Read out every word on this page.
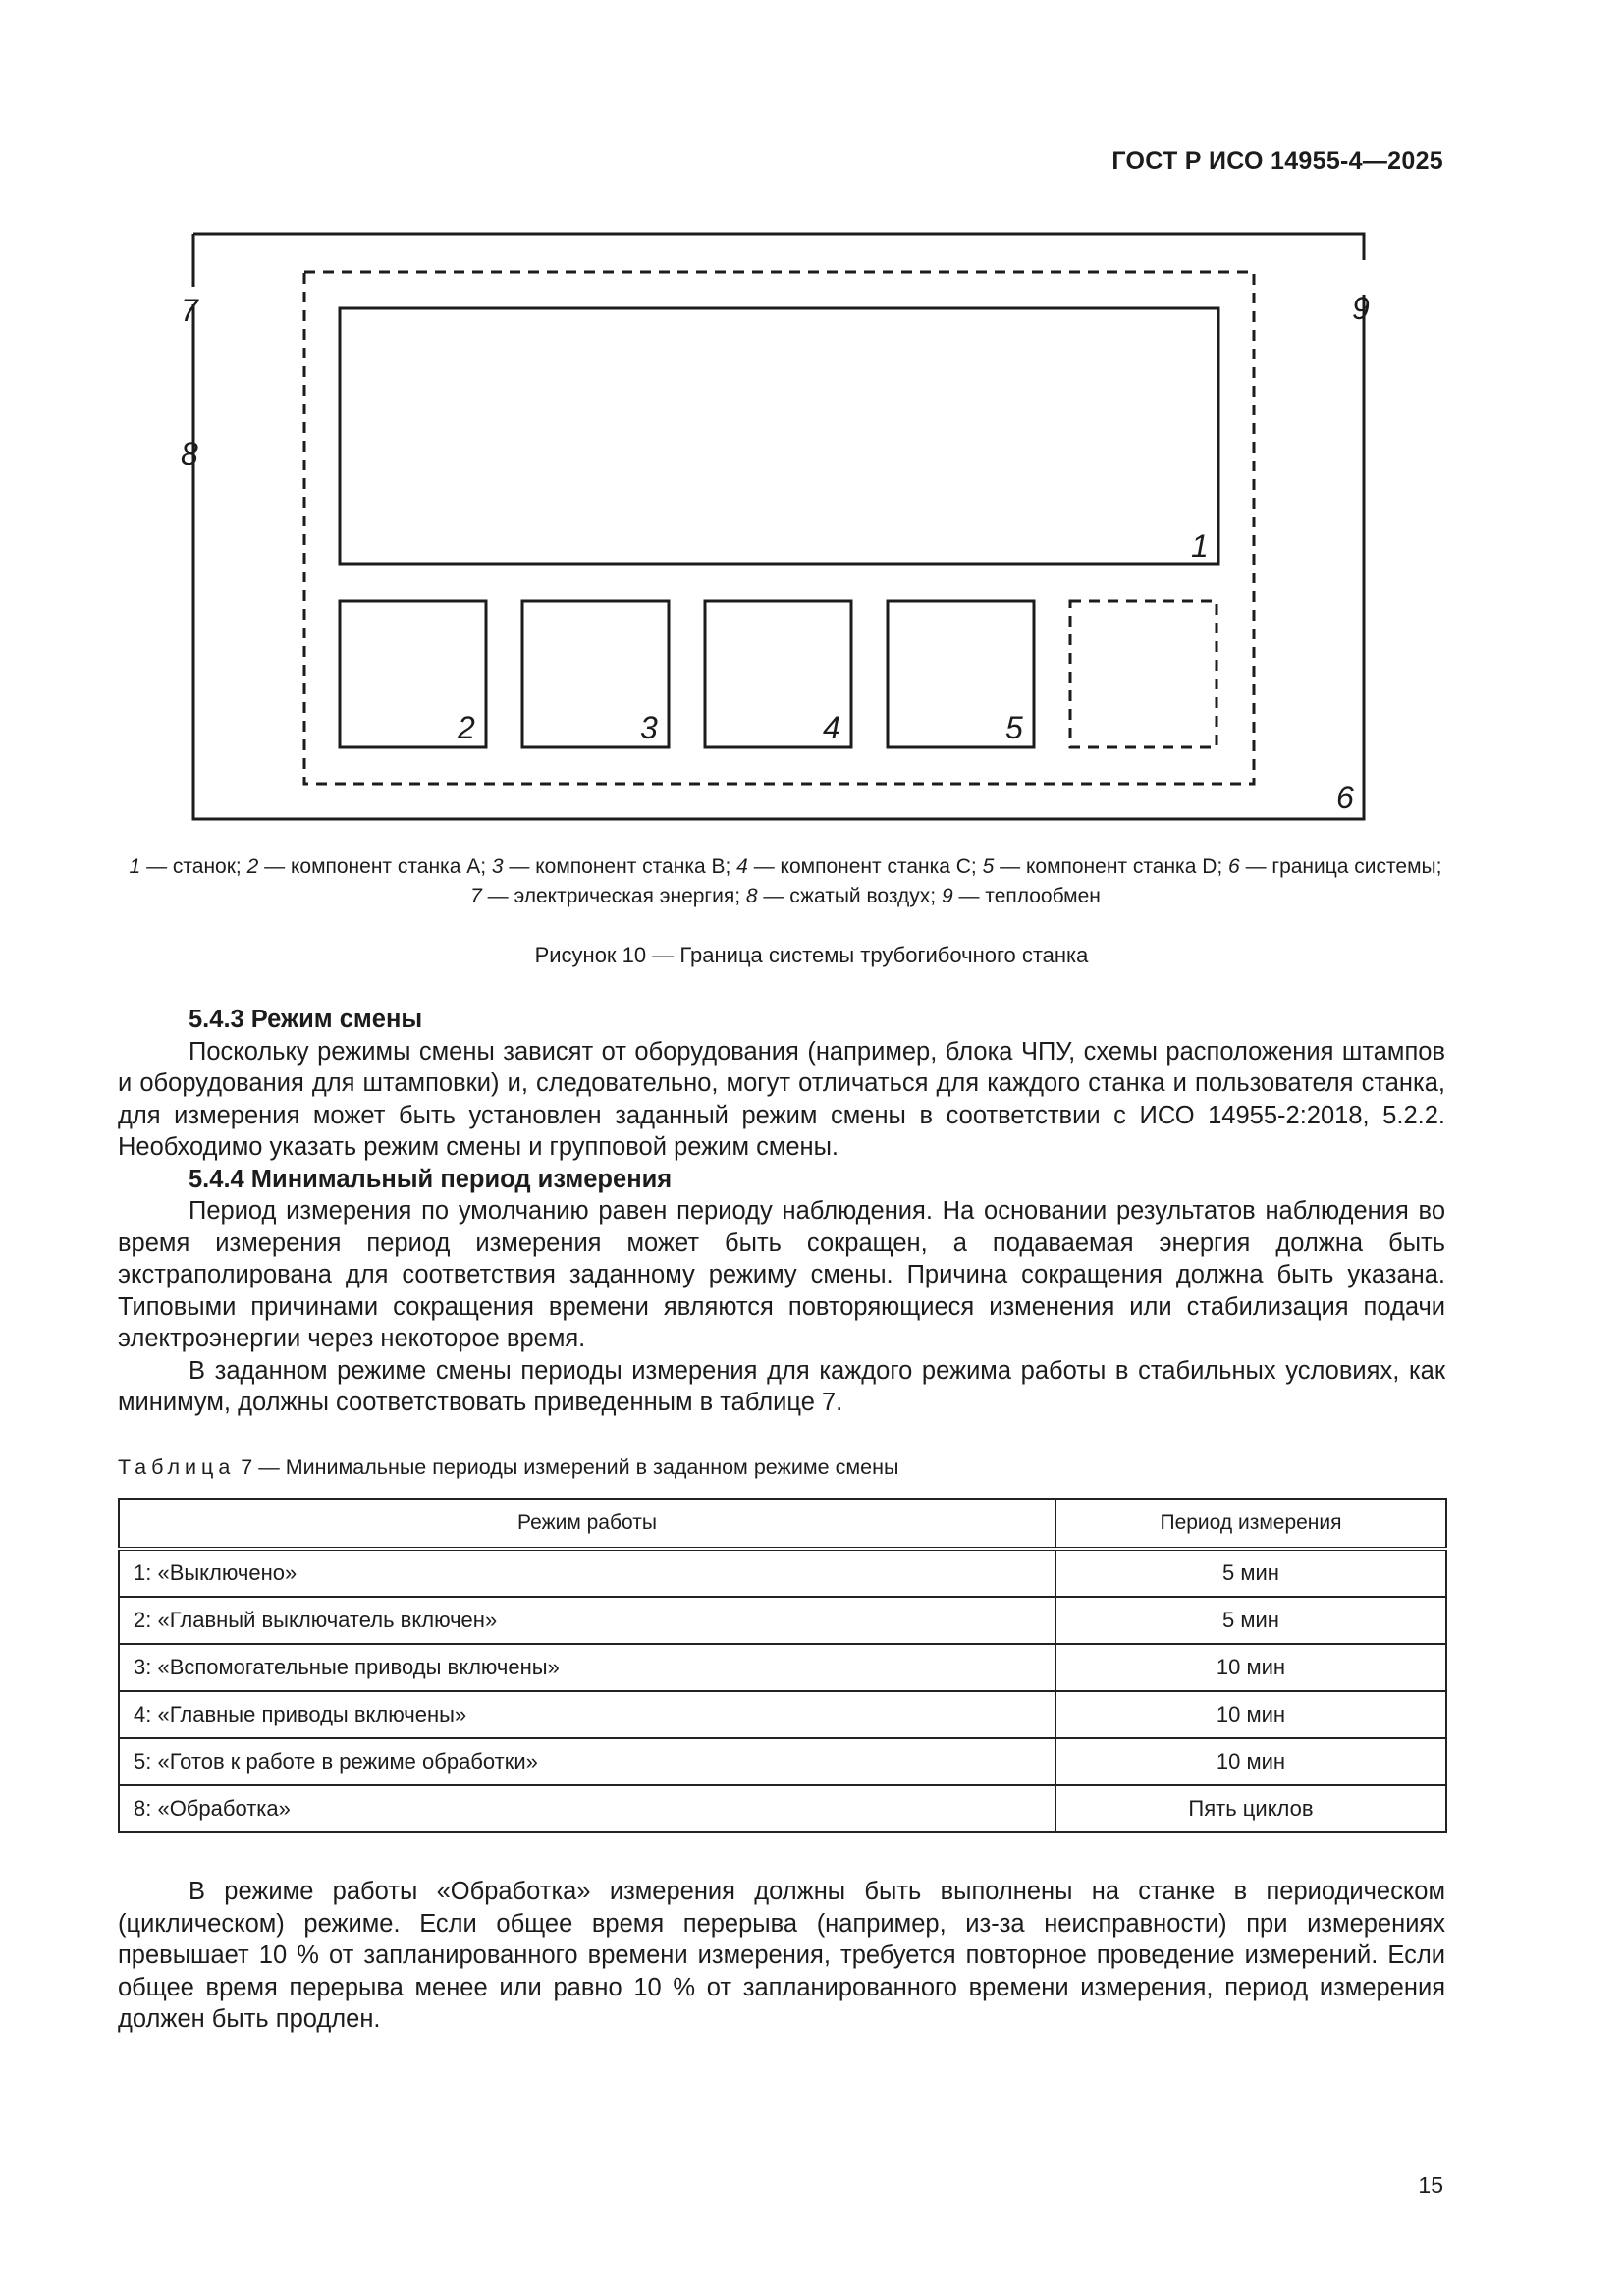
ГОСТ Р ИСО 14955-4—2025
7
8
9
1
2	3	4	5
6
1 — станок; 2 — компонент станка A; 3 — компонент станка B; 4 — компонент станка C; 5 — компонент станка D; 6 — граница системы; 7 — электрическая энергия; 8 — сжатый воздух; 9 — теплообмен
Рисунок 10 — Граница системы трубогибочного станка
5.4.3 Режим смены

Поскольку режимы смены зависят от оборудования (например, блока ЧПУ, схемы расположения штампов и оборудования для штамповки) и, следовательно, могут отличаться для каждого станка и пользователя станка, для измерения может быть установлен заданный режим смены в соответствии с ИСО 14955-2:2018, 5.2.2. Необходимо указать режим смены и групповой режим смены.

5.4.4 Минимальный период измерения

Период измерения по умолчанию равен периоду наблюдения. На основании результатов наблюдения во время измерения период измерения может быть сокращен, а подаваемая энергия должна быть экстраполирована для соответствия заданному режиму смены. Причина сокращения должна быть указана. Типовыми причинами сокращения времени являются повторяющиеся изменения или стабилизация подачи электроэнергии через некоторое время.

В заданном режиме смены периоды измерения для каждого режима работы в стабильных условиях, как минимум, должны соответствовать приведенным в таблице 7.

Таблица 7 — Минимальные периоды измерений в заданном режиме смены
Режим работы	Период измерения
1: «Выключено»	5 мин
2: «Главный выключатель включен»	5 мин
3: «Вспомогательные приводы включены»	10 мин
4: «Главные приводы включены»	10 мин
5: «Готов к работе в режиме обработки»	10 мин
8: «Обработка»	Пять циклов

В режиме работы «Обработка» измерения должны быть выполнены на станке в периодическом (циклическом) режиме. Если общее время перерыва (например, из-за неисправности) при измерениях превышает 10 % от запланированного времени измерения, требуется повторное проведение измерений. Если общее время перерыва менее или равно 10 % от запланированного времени измерения, период измерения должен быть продлен.

15
